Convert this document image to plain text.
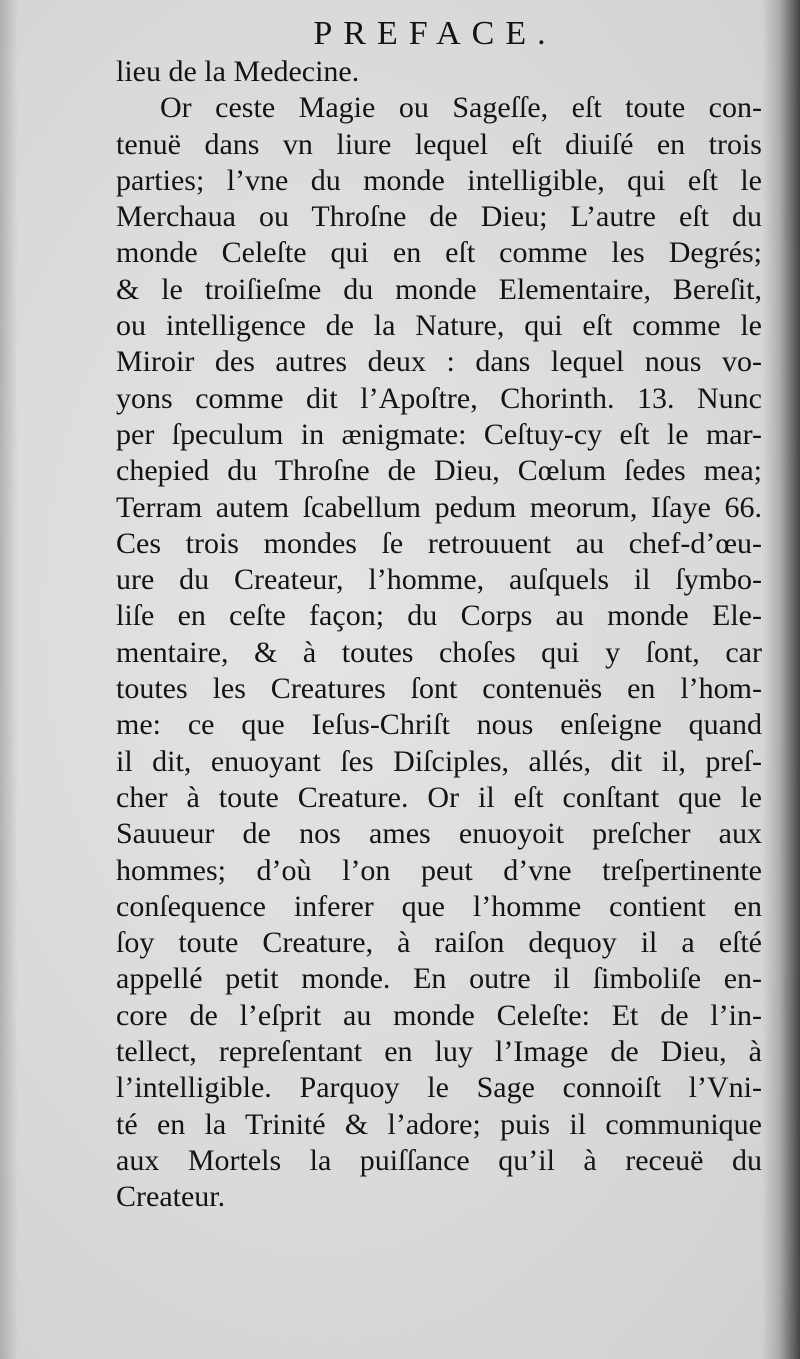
PREFACE.
lieu de la Medecine.
Or ceste Magie ou Sageſſe, eſt toute con-
tenuë dans vn liure lequel eſt diuiſé en trois
parties; l’vne du monde intelligible, qui eſt le
Merchaua ou Throſne de Dieu; L’autre eſt du
monde Celeſte qui en eſt comme les Degrés;
& le troiſieſme du monde Elementaire, Bereſit,
ou intelligence de la Nature, qui eſt comme le
Miroir des autres deux : dans lequel nous vo-
yons comme dit l’Apoſtre, Chorinth. 13. Nunc
per ſpeculum in ænigmate: Ceſtuy-cy eſt le mar-
chepied du Throſne de Dieu, Cœlum ſedes mea;
Terram autem ſcabellum pedum meorum, Iſaye 66.
Ces trois mondes ſe retrouuent au chef-d’œu-
ure du Createur, l’homme, auſquels il ſymbo-
liſe en ceſte façon; du Corps au monde Ele-
mentaire, & à toutes choſes qui y ſont, car
toutes les Creatures ſont contenuës en l’hom-
me: ce que Ieſus-Chriſt nous enſeigne quand
il dit, enuoyant ſes Diſciples, allés, dit il, preſ-
cher à toute Creature. Or il eſt conſtant que le
Sauueur de nos ames enuoyoit preſcher aux
hommes; d’où l’on peut d’vne treſpertinente
conſequence inferer que l’homme contient en
ſoy toute Creature, à raiſon dequoy il a eſté
appellé petit monde. En outre il ſimboliſe en-
core de l’eſprit au monde Celeſte: Et de l’in-
tellect, repreſentant en luy l’Image de Dieu, à
l’intelligible. Parquoy le Sage connoiſt l’Vni-
té en la Trinité & l’adore; puis il communique
aux Mortels la puiſſance qu’il à receuë du
Createur.
